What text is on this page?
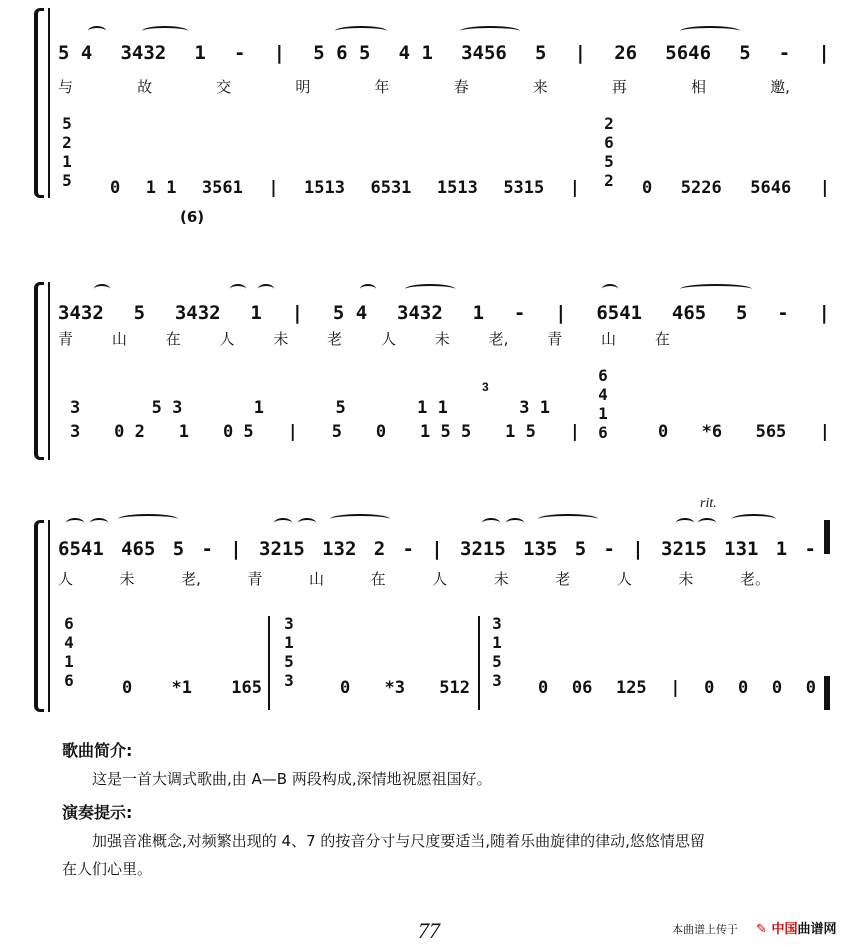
5 4 3432 1 - | 5 6 5 4 1 3456 5 | 26 5646 5 - |
与	故	交	明	年	春	来	再	相	邀,
5
2
1
5 0 1 1 3561 | 1513 6531 1513 5315 |
(6)
2
6
5
2 0 5226 5646 |
3432 5 3432 1 | 5 4 3432 1 - | 6541 465 5 - |
青	山	在	人	未	老	人	未	老,	青	山	在
3	5 3	1	5	1 1	3 1
3
3 0 2 1 0 5 | 5 0 1 5 5 1 5 |
6
4
1
6	0 *6 565 |
rit.
6541 465 5 - | 3215 132 2 - | 3215 135 5 - | 3215 131 1 -
人	未	老,	青	山	在	人	未	老	人	未	老。
6
4
1
6	0 *1 165
3
1
5
3	0 *3 512
3
1
5
3 0 06 125 | 0 0 0 0
歌曲简介:
这是一首大调式歌曲,由 A—B 两段构成,深情地祝愿祖国好。
演奏提示:
加强音准概念,对频繁出现的 4、7 的按音分寸与尺度要适当,随着乐曲旋律的律动,悠悠情思留
在人们心里。
77	本曲谱上传于 ✎ 中国曲谱网
